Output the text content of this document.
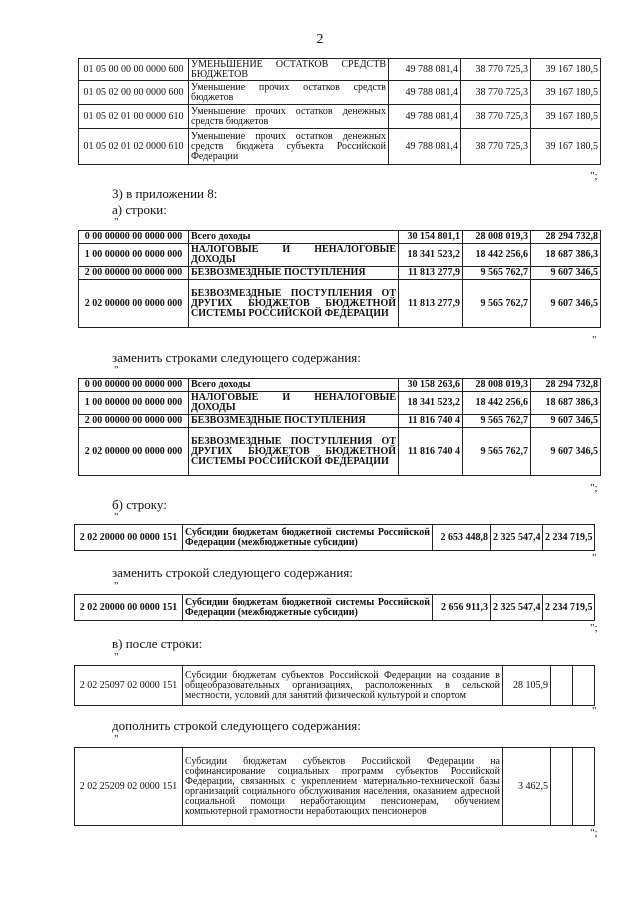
2
01 05 00 00 00 0000 600	УМЕНЬШЕНИЕ ОСТАТКОВ СРЕДСТВ БЮДЖЕТОВ	49 788 081,4	38 770 725,3	39 167 180,5
01 05 02 00 00 0000 600	Уменьшение прочих остатков средств бюджетов	49 788 081,4	38 770 725,3	39 167 180,5
01 05 02 01 00 0000 610	Уменьшение прочих остатков денежных средств бюджетов	49 788 081,4	38 770 725,3	39 167 180,5
01 05 02 01 02 0000 610	Уменьшение прочих остатков денежных средств бюджета субъекта Российской Федерации	49 788 081,4	38 770 725,3	39 167 180,5
";
3) в приложении 8:
а) строки:
"
0 00 00000 00 0000 000	Всего доходы	30 154 801,1	28 008 019,3	28 294 732,8
1 00 00000 00 0000 000	НАЛОГОВЫЕ И НЕНАЛОГОВЫЕ ДОХОДЫ	18 341 523,2	18 442 256,6	18 687 386,3
2 00 00000 00 0000 000	БЕЗВОЗМЕЗДНЫЕ ПОСТУПЛЕНИЯ	11 813 277,9	9 565 762,7	9 607 346,5
2 02 00000 00 0000 000	БЕЗВОЗМЕЗДНЫЕ ПОСТУПЛЕНИЯ ОТ ДРУГИХ БЮДЖЕТОВ БЮДЖЕТНОЙ СИСТЕМЫ РОССИЙСКОЙ ФЕДЕРАЦИИ	11 813 277,9	9 565 762,7	9 607 346,5
"
заменить строками следующего содержания:
"
0 00 00000 00 0000 000	Всего доходы	30 158 263,6	28 008 019,3	28 294 732,8
1 00 00000 00 0000 000	НАЛОГОВЫЕ И НЕНАЛОГОВЫЕ ДОХОДЫ	18 341 523,2	18 442 256,6	18 687 386,3
2 00 00000 00 0000 000	БЕЗВОЗМЕЗДНЫЕ ПОСТУПЛЕНИЯ	11 816 740 4	9 565 762,7	9 607 346,5
2 02 00000 00 0000 000	БЕЗВОЗМЕЗДНЫЕ ПОСТУПЛЕНИЯ ОТ ДРУГИХ БЮДЖЕТОВ БЮДЖЕТНОЙ СИСТЕМЫ РОССИЙСКОЙ ФЕДЕРАЦИИ	11 816 740 4	9 565 762,7	9 607 346,5
";
б) строку:
"
2 02 20000 00 0000 151	Субсидии бюджетам бюджетной системы Российской Федерации (межбюджетные субсидии)	2 653 448,8	2 325 547,4	2 234 719,5
"
заменить строкой следующего содержания:
"
2 02 20000 00 0000 151	Субсидии бюджетам бюджетной системы Российской Федерации (межбюджетные субсидии)	2 656 911,3	2 325 547,4	2 234 719,5
";
в) после строки:
"
2 02 25097 02 0000 151	Субсидии бюджетам субъектов Российской Федерации на создание в общеобразовательных организациях, расположенных в сельской местности, условий для занятий физической культурой и спортом	28 105,9		
"
дополнить строкой следующего содержания:
"
2 02 25209 02 0000 151	Субсидии бюджетам субъектов Российской Федерации на софинансирование социальных программ субъектов Российской Федерации, связанных с укреплением материально-технической базы организаций социального обслуживания населения, оказанием адресной социальной помощи неработающим пенсионерам, обучением компьютерной грамотности неработающих пенсионеров	3 462,5		
";
